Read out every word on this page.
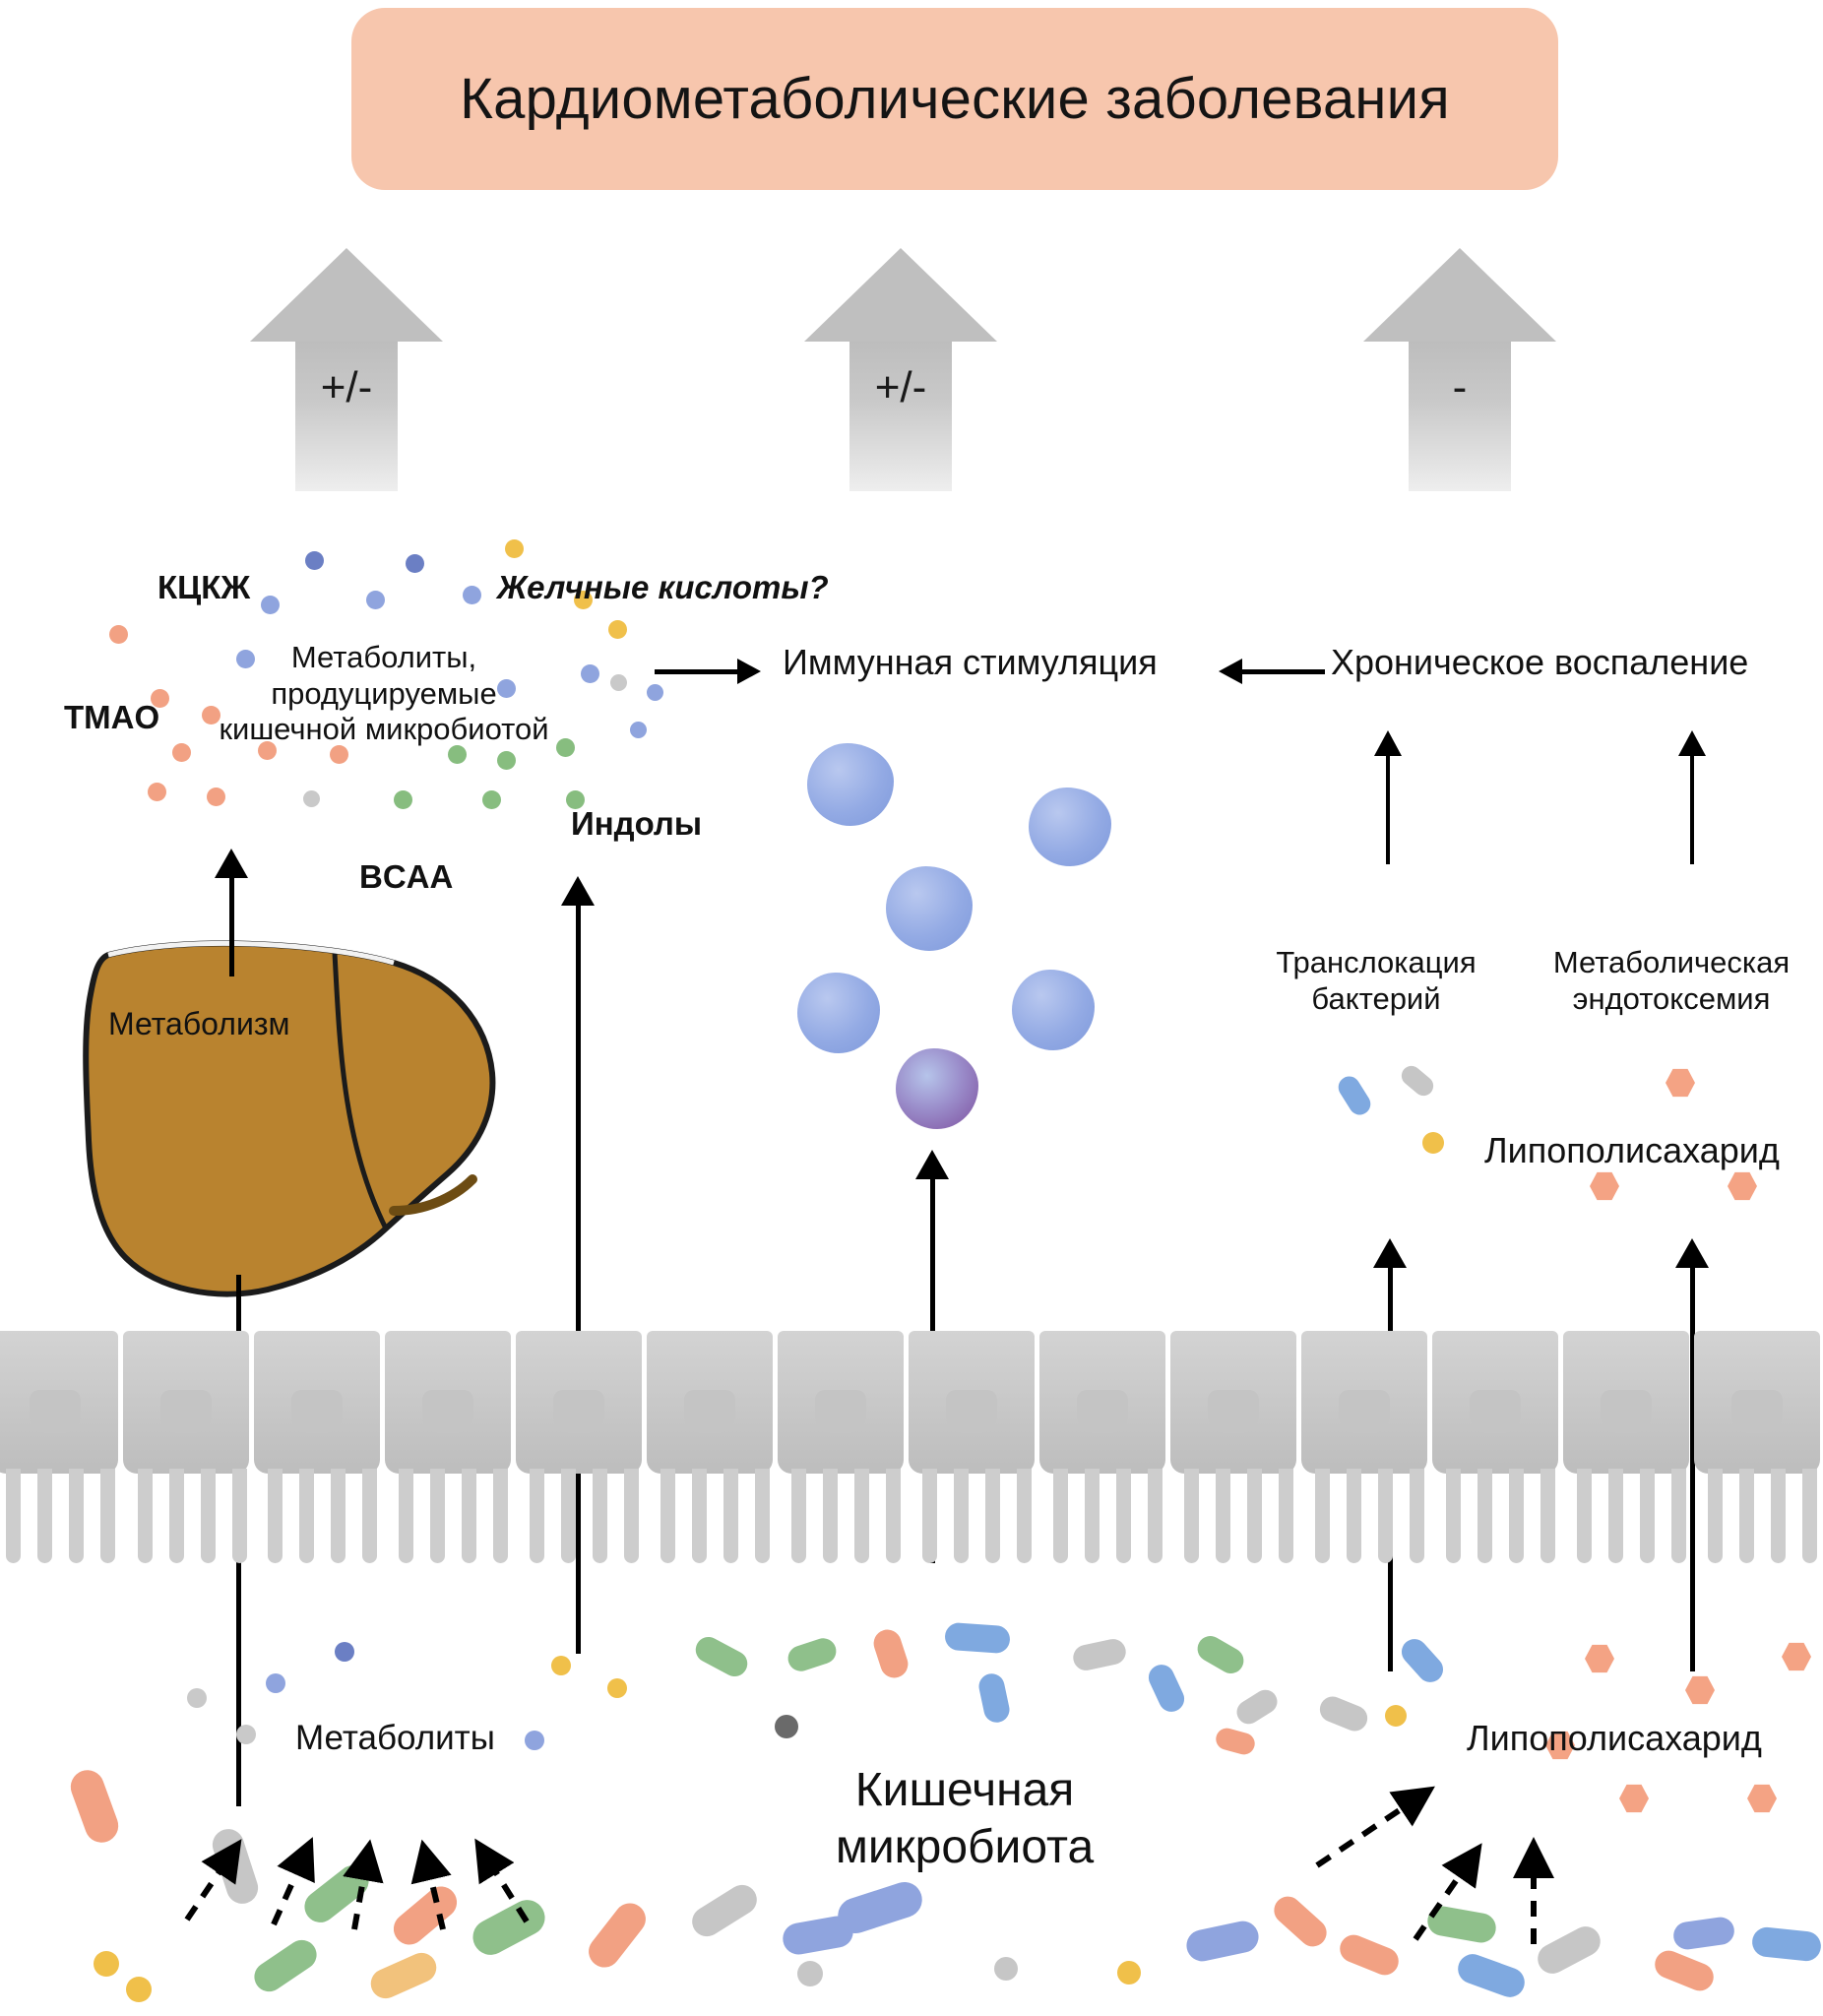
Кардиометаболические заболевания
+/-	+/-	-
КЦКЖ	Желчные кислоты?
TMAO
Метаболиты,
продуцируемые
кишечной микробиотой
Индолы
BCAA
Иммунная стимуляция	Хроническое воспаление
Транслокация
бактерий
Метаболическая
эндотоксемия
Метаболизм
Липополисахарид
Метаболиты
Кишечная
микробиота
Липополисахарид
